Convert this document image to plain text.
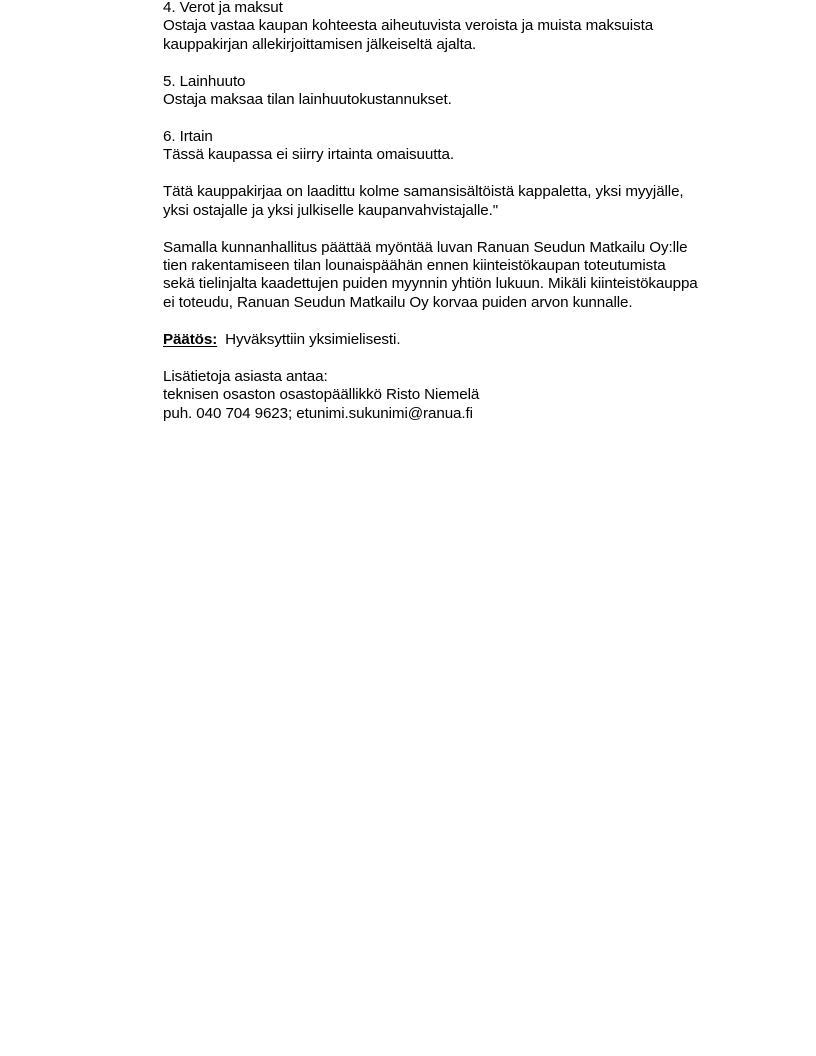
4. Verot ja maksut
Ostaja vastaa kaupan kohteesta aiheutuvista veroista ja muista maksuista
kauppakirjan allekirjoittamisen jälkeiseltä ajalta.
5. Lainhuuto
Ostaja maksaa tilan lainhuutokustannukset.
6. Irtain
Tässä kaupassa ei siirry irtainta omaisuutta.
Tätä kauppakirjaa on laadittu kolme samansisältöistä kappaletta, yksi myyjälle,
yksi ostajalle ja yksi julkiselle kaupanvahvistajalle."
Samalla kunnanhallitus päättää myöntää luvan Ranuan Seudun Matkailu Oy:lle
tien rakentamiseen tilan lounaispäähän ennen kiinteistökaupan toteutumista
sekä tielinjalta kaadettujen puiden myynnin yhtiön lukuun. Mikäli kiinteistökauppa
ei toteudu, Ranuan Seudun Matkailu Oy korvaa puiden arvon kunnalle.
Päätös: Hyväksyttiin yksimielisesti.
Lisätietoja asiasta antaa:
teknisen osaston osastopäällikkö Risto Niemelä
puh. 040 704 9623; etunimi.sukunimi@ranua.fi
